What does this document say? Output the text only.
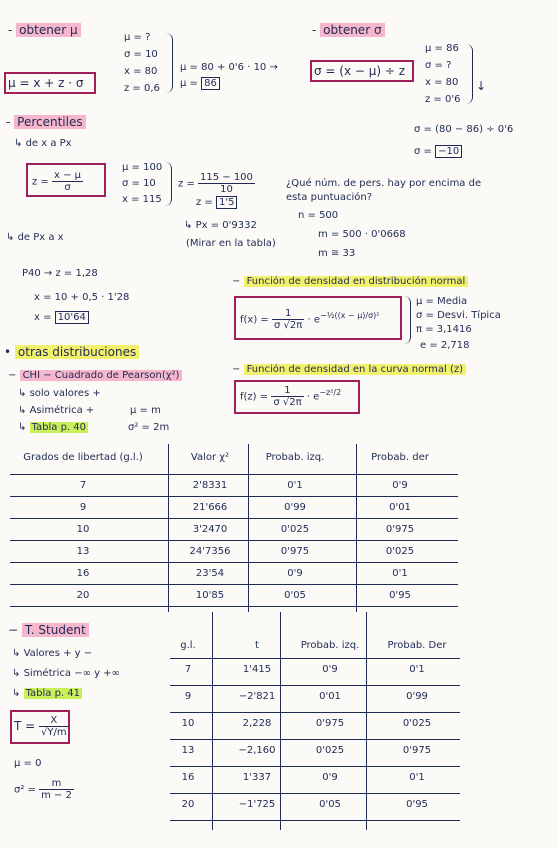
- obtener μ
μ = x + z · σ
μ = ?
σ = 10
x = 80
z = 0,6
μ = 80 + 0'6 · 10 →
μ = 86
- obtener σ
σ = (x − μ) ÷ z
μ = 86
σ = ?
x = 80
z = 0'6
↓
σ = (80 − 86) ÷ 0'6
σ = −10
- Percentiles
↳ de x a Px
$z = \frac{x - \mu}{\sigma}$
μ = 100
σ = 10
x = 115
$z = \frac{115 - 100}{10}$
z = 1'5
↳ Px = 0'9332
(Mirar en la tabla)
¿Qué núm. de pers. hay por encima de
esta puntuación?
n = 500
m = 500 · 0'0668
m ≅ 33
↳ de Px a x
P40 → z = 1,28
x = 10 + 0,5 · 1'28
x = 10'64
− Función de densidad en distribución normal
$f(x) = \frac{1}{\sigma √2\pi} \cdot e^{-\frac{1}{2}((x - \mu)/\sigma)^2}$
μ = Media
σ = Desvi. Típica
π = 3,1416
e = 2,718
− Función de densidad en la curva normal (z)
$f(z) = \frac{1}{\sigma √2\pi} \cdot e^{-z^2/2}$
• otras distribuciones
− CHI − Cuadrado de Pearson(χ²)
↳ solo valores +
↳ Asimétrica +
↳ Tabla p. 40
μ = m
σ² = 2m
Grados de libertad (g.l.)	Valor χ²	Probab. izq.	Probab. der
7	2'8331	0'1	0'9
9	21'666	0'99	0'01
10	3'2470	0'025	0'975
13	24'7356	0'975	0'025
16	23'54	0'9	0'1
20	10'85	0'05	0'95
− T. Student
↳ Valores + y −
↳ Simétrica −∞ y +∞
↳ Tabla p. 41
$T = \frac{X}{√Y/m}$
μ = 0
$\sigma^2 = \frac{m}{m - 2}$
g.l.	t	Probab. izq.	Probab. Der
7	1'415	0'9	0'1
9	−2'821	0'01	0'99
10	2,228	0'975	0'025
13	−2,160	0'025	0'975
16	1'337	0'9	0'1
20	−1'725	0'05	0'95
